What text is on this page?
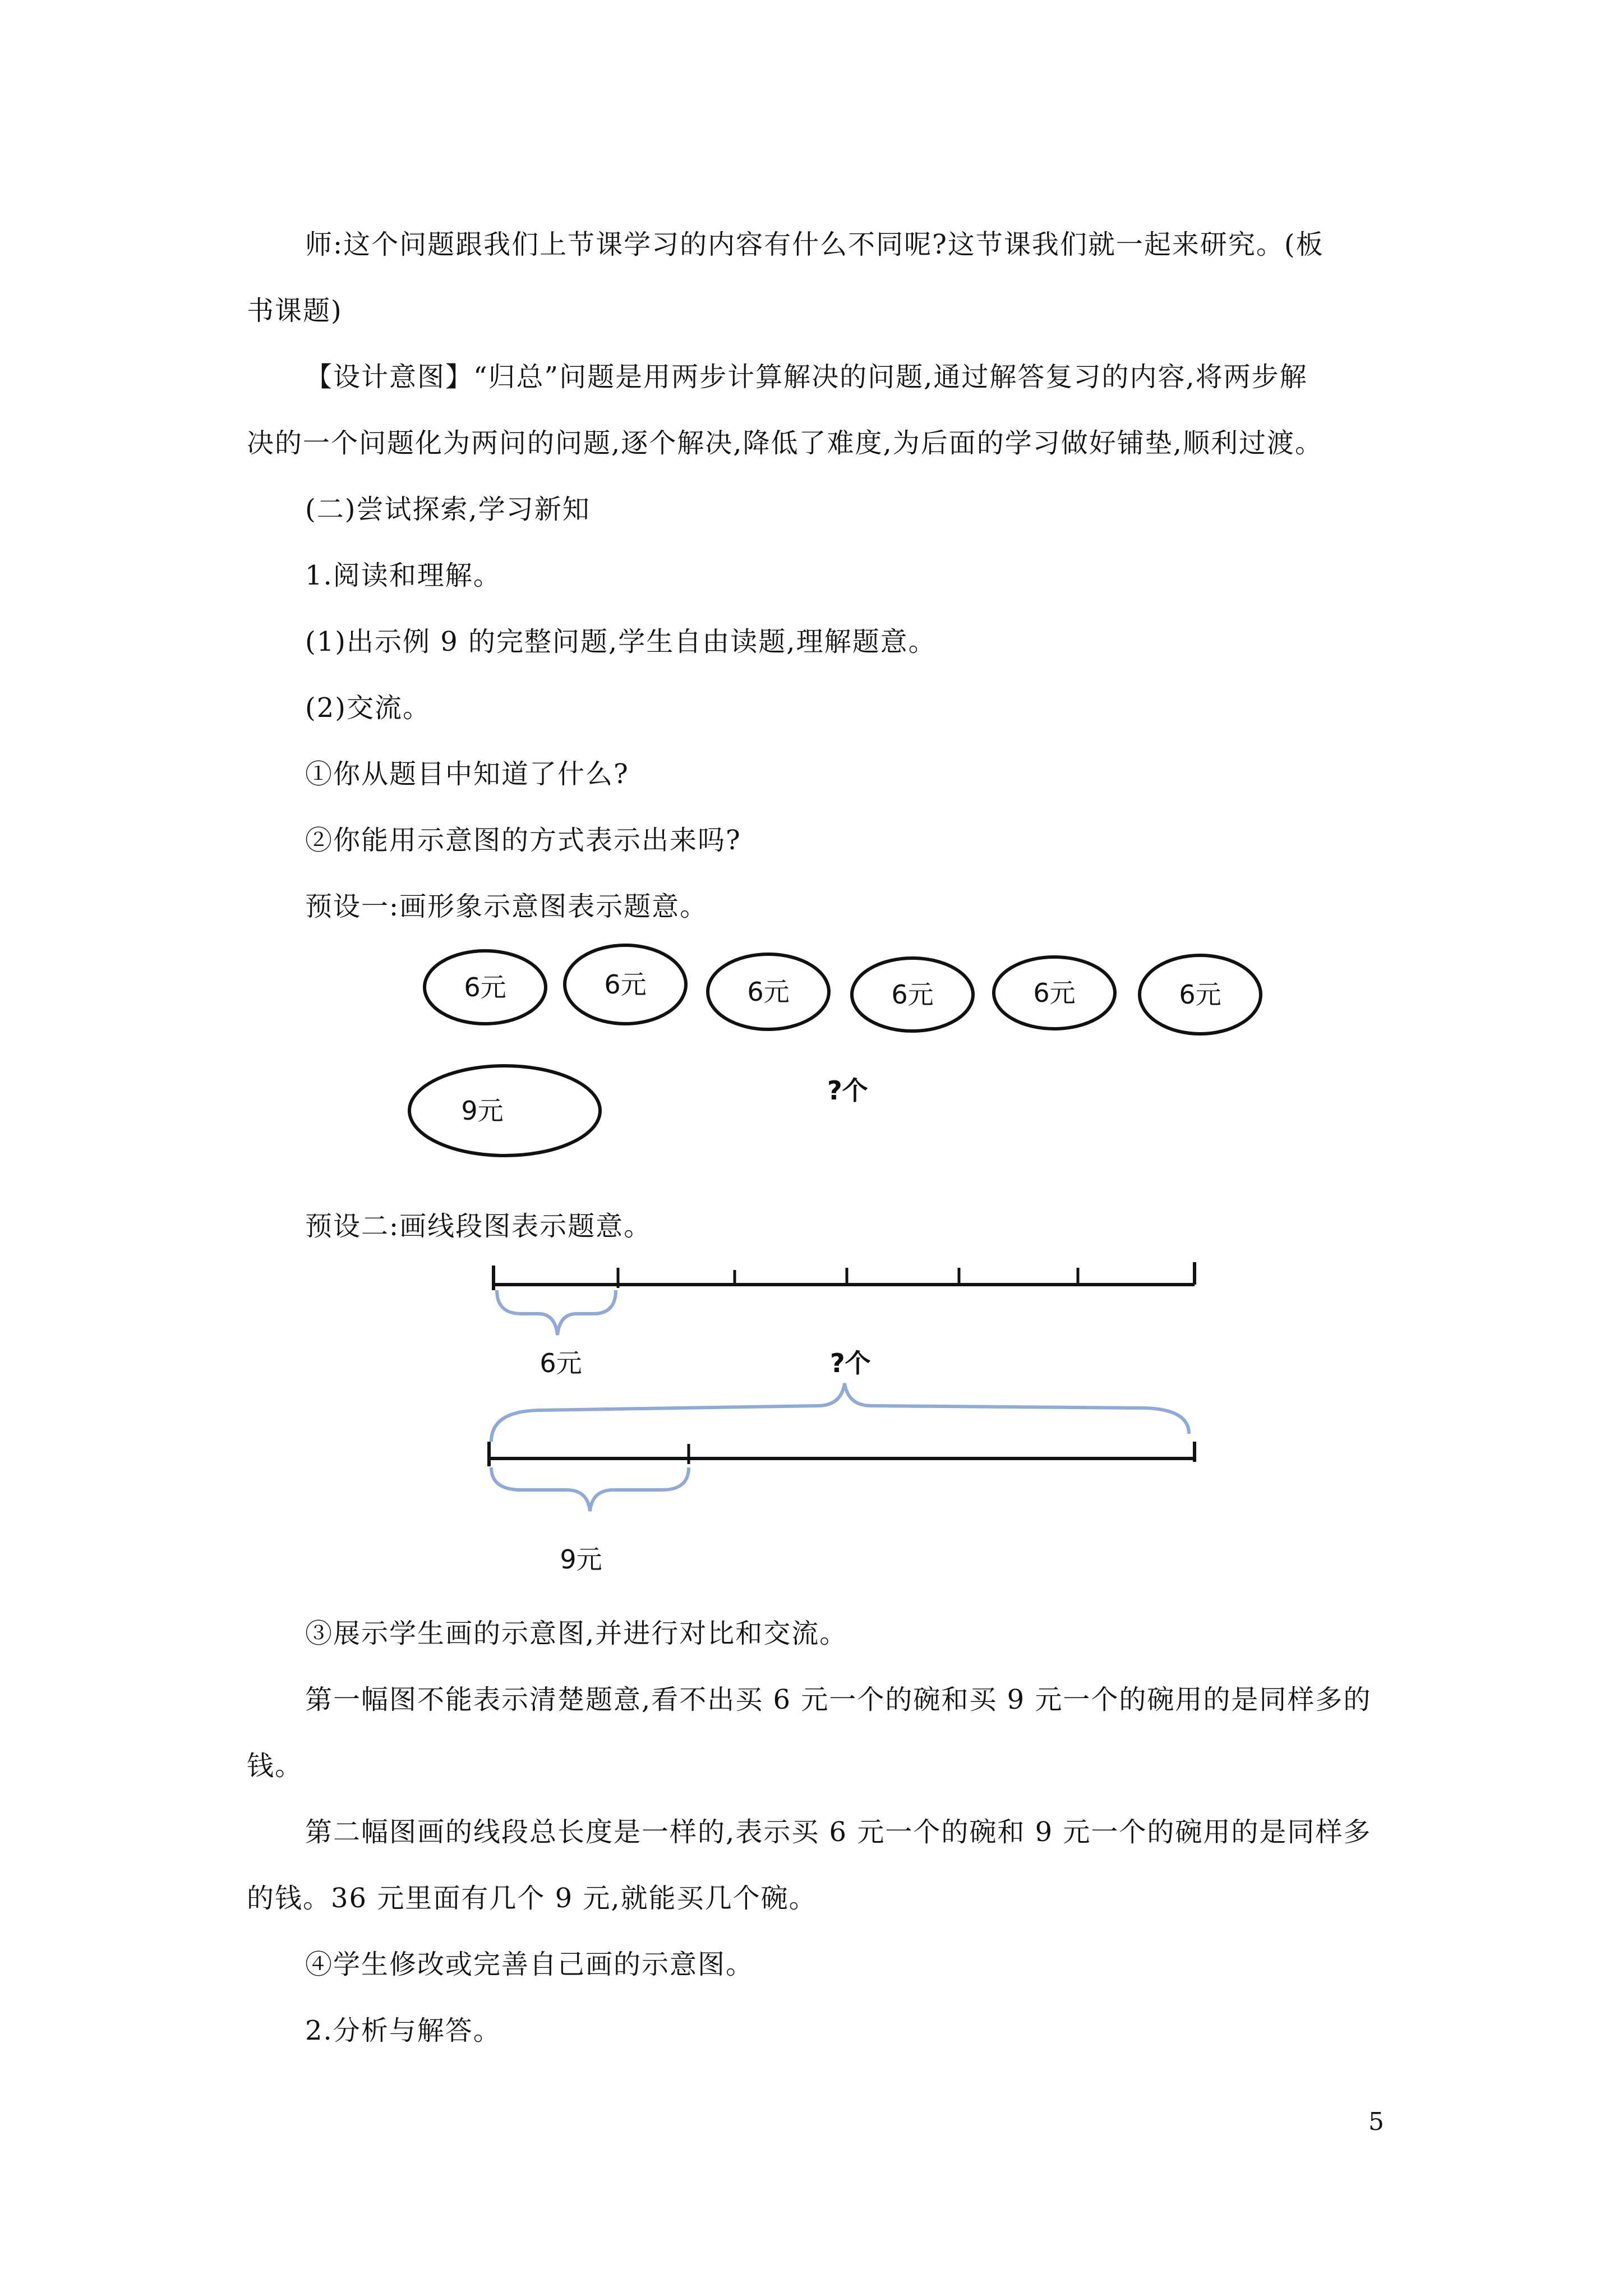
师:这个问题跟我们上节课学习的内容有什么不同呢?这节课我们就一起来研究。(板

书课题)

【设计意图】“归总”问题是用两步计算解决的问题,通过解答复习的内容,将两步解

决的一个问题化为两问的问题,逐个解决,降低了难度,为后面的学习做好铺垫,顺利过渡。

(二)尝试探索,学习新知

1.阅读和理解。

(1)出示例 9 的完整问题,学生自由读题,理解题意。

(2)交流。

①你从题目中知道了什么?

②你能用示意图的方式表示出来吗?

预设一:画形象示意图表示题意。

6元	6元	6元	6元	6元	6元
9元
?个

预设二:画线段图表示题意。

6元	?个
9元

③展示学生画的示意图,并进行对比和交流。

第一幅图不能表示清楚题意,看不出买 6 元一个的碗和买 9 元一个的碗用的是同样多的

钱。

第二幅图画的线段总长度是一样的,表示买 6 元一个的碗和 9 元一个的碗用的是同样多

的钱。36 元里面有几个 9 元,就能买几个碗。

④学生修改或完善自己画的示意图。

2.分析与解答。

5
